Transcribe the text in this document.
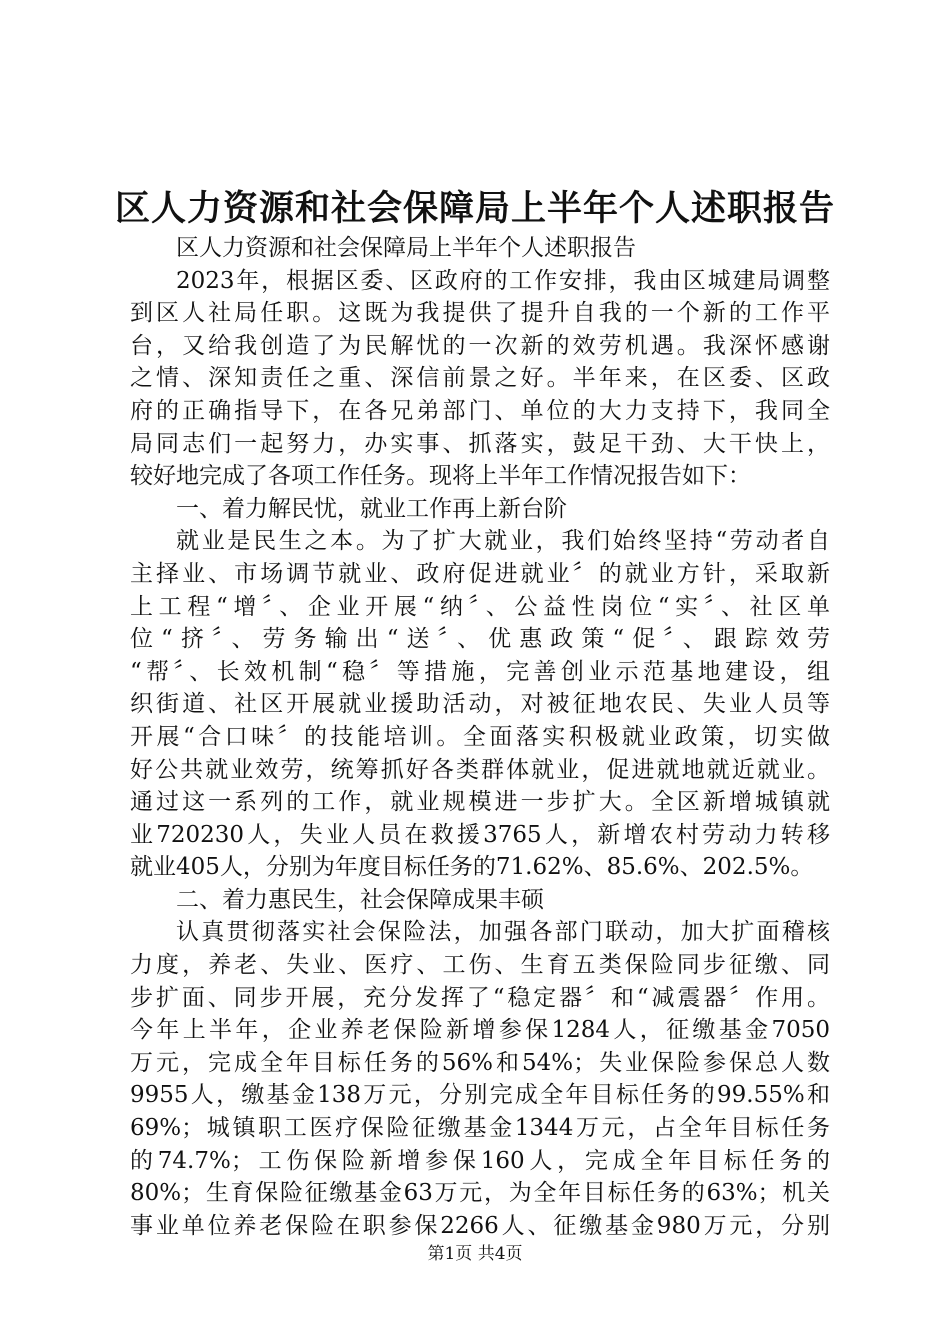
区人力资源和社会保障局上半年个人述职报告
区人力资源和社会保障局上半年个人述职报告
2023年，根据区委、区政府的工作安排，我由区城建局调整
到区人社局任职。这既为我提供了提升自我的一个新的工作平
台，又给我创造了为民解忧的一次新的效劳机遇。我深怀感谢
之情、深知责任之重、深信前景之好。半年来，在区委、区政
府的正确指导下，在各兄弟部门、单位的大力支持下，我同全
局同志们一起努力，办实事、抓落实，鼓足干劲、大干快上，
较好地完成了各项工作任务。现将上半年工作情况报告如下：
一、着力解民忧，就业工作再上新台阶
就业是民生之本。为了扩大就业，我们始终坚持“劳动者自
主择业、市场调节就业、政府促进就业〞的就业方针，采取新
上工程“增〞、企业开展“纳〞、公益性岗位“实〞、社区单
位“挤〞、劳务输出“送〞、优惠政策“促〞、跟踪效劳
“帮〞、长效机制“稳〞等措施，完善创业示范基地建设，组
织街道、社区开展就业援助活动，对被征地农民、失业人员等
开展“合口味〞的技能培训。全面落实积极就业政策，切实做
好公共就业效劳，统筹抓好各类群体就业，促进就地就近就业。
通过这一系列的工作，就业规模进一步扩大。全区新增城镇就
业720230人，失业人员在救援3765人，新增农村劳动力转移
就业405人，分别为年度目标任务的71.62%、85.6%、202.5%。
二、着力惠民生，社会保障成果丰硕
认真贯彻落实社会保险法，加强各部门联动，加大扩面稽核
力度，养老、失业、医疗、工伤、生育五类保险同步征缴、同
步扩面、同步开展，充分发挥了“稳定器〞和“减震器〞作用。
今年上半年，企业养老保险新增参保1284人，征缴基金7050
万元，完成全年目标任务的56%和54%；失业保险参保总人数
9955人，缴基金138万元，分别完成全年目标任务的99.55%和
69%；城镇职工医疗保险征缴基金1344万元，占全年目标任务
的74.7%；工伤保险新增参保160人，完成全年目标任务的
80%；生育保险征缴基金63万元，为全年目标任务的63%；机关
事业单位养老保险在职参保2266人、征缴基金980万元，分别
第1页 共4页
